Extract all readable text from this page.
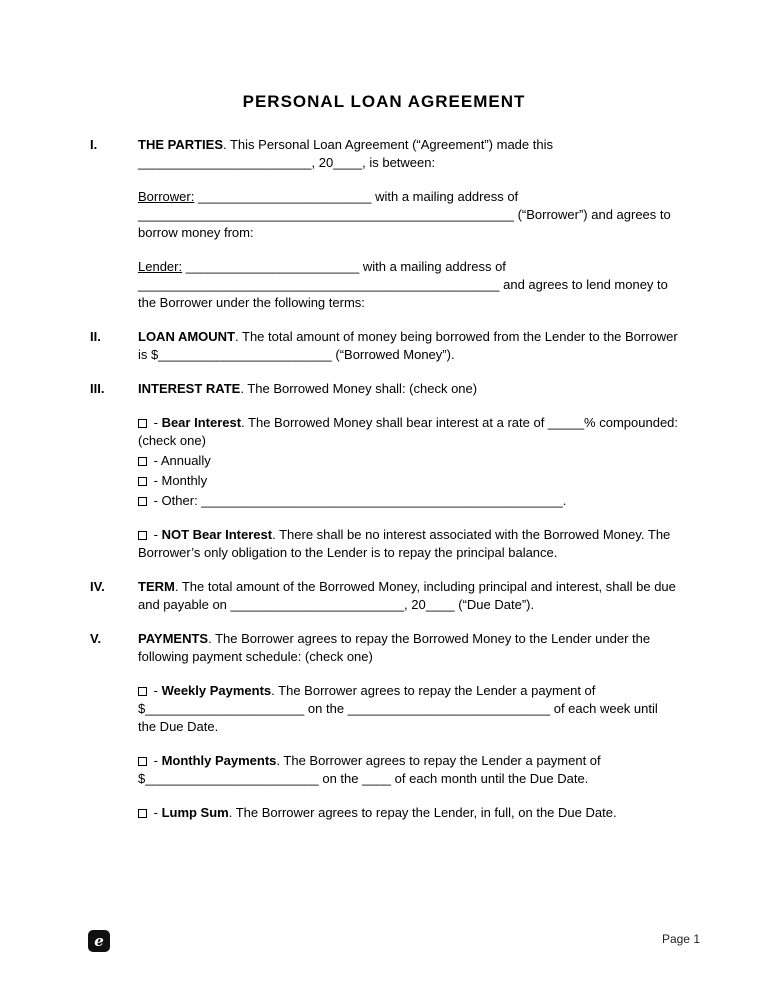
PERSONAL LOAN AGREEMENT
I.	THE PARTIES. This Personal Loan Agreement (“Agreement”) made this ________________________, 20____, is between:

Borrower: ________________________ with a mailing address of ____________________________________________________ (“Borrower”) and agrees to borrow money from:

Lender: ________________________ with a mailing address of __________________________________________________ and agrees to lend money to the Borrower under the following terms:

II.	LOAN AMOUNT. The total amount of money being borrowed from the Lender to the Borrower is $________________________ (“Borrowed Money”).

III.	INTEREST RATE. The Borrowed Money shall: (check one)

- Bear Interest. The Borrowed Money shall bear interest at a rate of _____% compounded: (check one)

- Annually

- Monthly

- Other: __________________________________________________.

- NOT Bear Interest. There shall be no interest associated with the Borrowed Money. The Borrower’s only obligation to the Lender is to repay the principal balance.

IV.	TERM. The total amount of the Borrowed Money, including principal and interest, shall be due and payable on ________________________, 20____ (“Due Date”).

V.	PAYMENTS. The Borrower agrees to repay the Borrowed Money to the Lender under the following payment schedule: (check one)

- Weekly Payments. The Borrower agrees to repay the Lender a payment of $______________________ on the ____________________________ of each week until the Due Date.

- Monthly Payments. The Borrower agrees to repay the Lender a payment of $________________________ on the ____ of each month until the Due Date.

- Lump Sum. The Borrower agrees to repay the Lender, in full, on the Due Date.

e	Page 1
